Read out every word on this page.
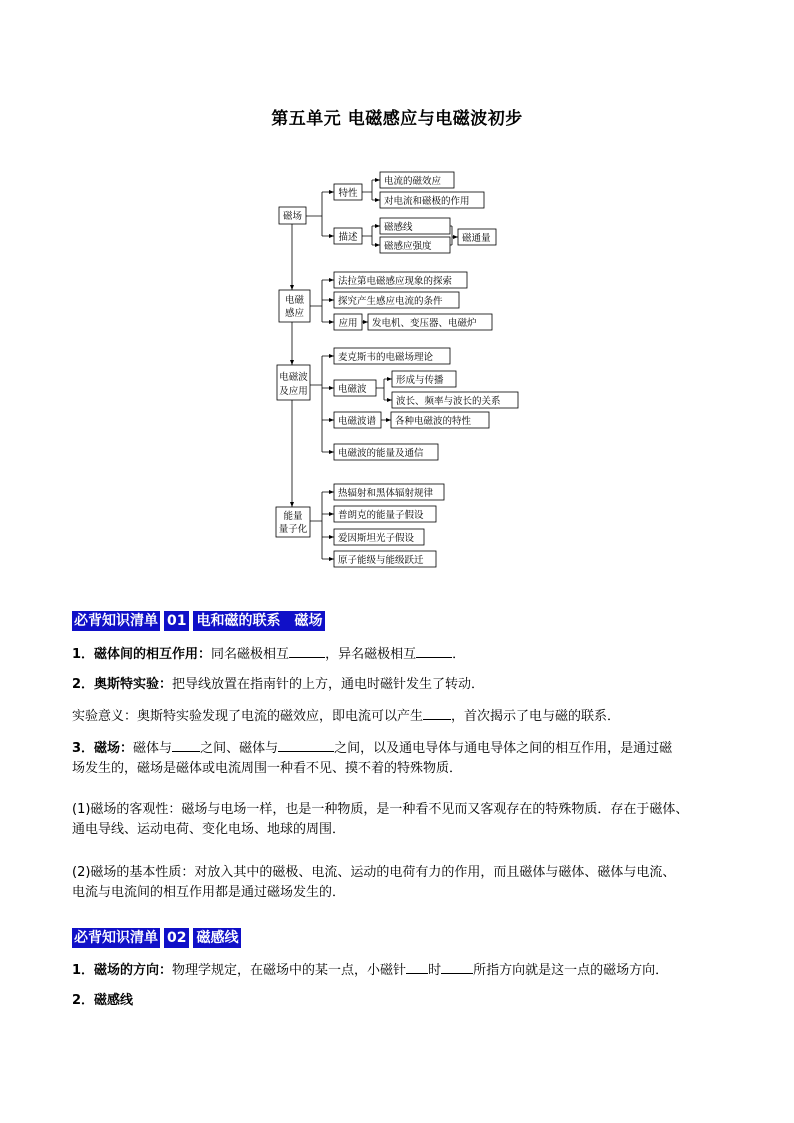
第五单元 电磁感应与电磁波初步
磁场
特性
描述
电流的磁效应
对电流和磁极的作用
磁感线
磁感应强度
磁通量
电磁
感应
法拉第电磁感应现象的探索
探究产生感应电流的条件
应用 发电机、变压器、电磁炉
电磁波
及应用
麦克斯韦的电磁场理论
电磁波
形成与传播
波长、频率与波长的关系
电磁波谱 各种电磁波的特性
电磁波的能量及通信
能量
量子化
热辐射和黑体辐射规律
普朗克的能量子假设
爱因斯坦光子假设
原子能级与能级跃迁
必背知识清单 01 电和磁的联系　磁场
1．磁体间的相互作用：同名磁极相互	，异名磁极相互	．
2．奥斯特实验：把导线放置在指南针的上方，通电时磁针发生了转动．
实验意义：奥斯特实验发现了电流的磁效应，即电流可以产生 ，首次揭示了电与磁的联系．
3．磁场：磁体与 之间、磁体与	之间，以及通电导体与通电导体之间的相互作用，是通过磁
场发生的，磁场是磁体或电流周围一种看不见、摸不着的特殊物质．
(1)磁场的客观性：磁场与电场一样，也是一种物质，是一种看不见而又客观存在的特殊物质．存在于磁体、
通电导线、运动电荷、变化电场、地球的周围．
(2)磁场的基本性质：对放入其中的磁极、电流、运动的电荷有力的作用，而且磁体与磁体、磁体与电流、
电流与电流间的相互作用都是通过磁场发生的．
必背知识清单 02 磁感线
1．磁场的方向：物理学规定，在磁场中的某一点，小磁针 时 所指方向就是这一点的磁场方向．
2．磁感线
